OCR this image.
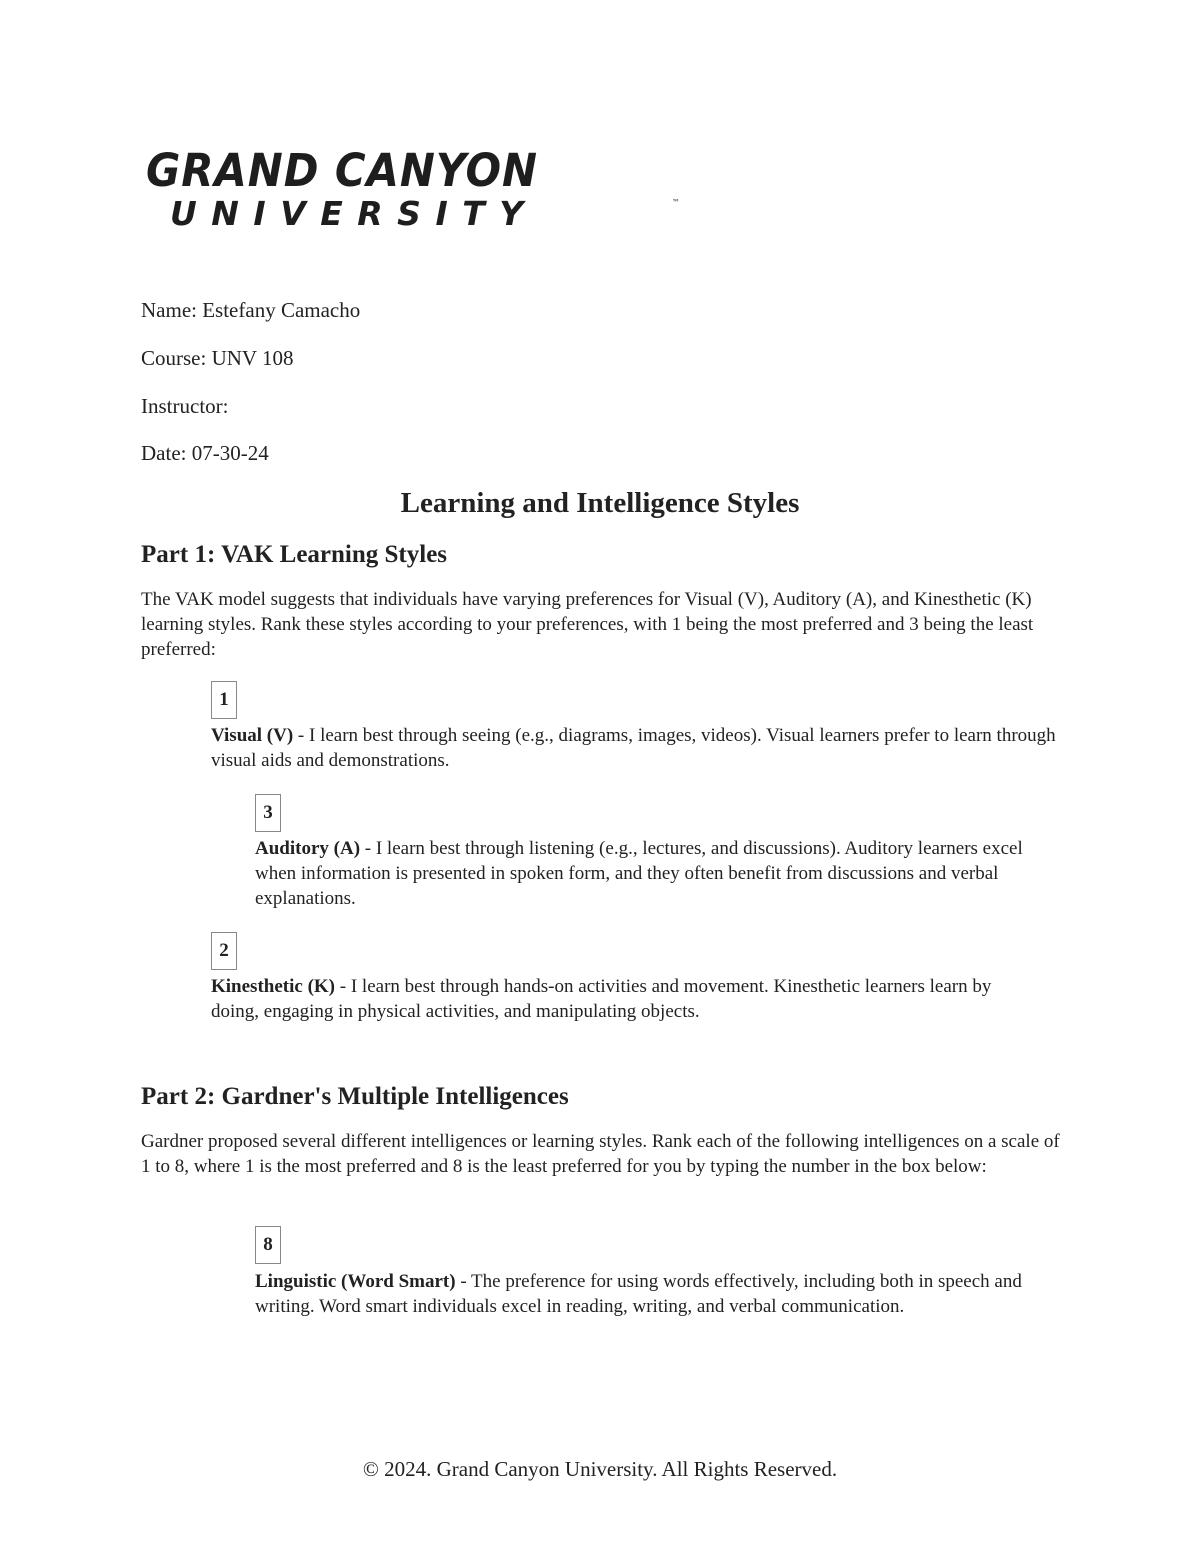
GRAND CANYON
UNIVERSITY	™
Name: Estefany Camacho
Course: UNV 108
Instructor:
Date: 07-30-24
Learning and Intelligence Styles
Part 1: VAK Learning Styles
The VAK model suggests that individuals have varying preferences for Visual (V), Auditory (A), and Kinesthetic (K) learning styles. Rank these styles according to your preferences, with 1 being the most preferred and 3 being the least preferred:
1
Visual (V) - I learn best through seeing (e.g., diagrams, images, videos). Visual learners prefer to learn through visual aids and demonstrations.
3
Auditory (A) - I learn best through listening (e.g., lectures, and discussions). Auditory learners excel when information is presented in spoken form, and they often benefit from discussions and verbal explanations.
2
Kinesthetic (K) - I learn best through hands-on activities and movement. Kinesthetic learners learn by doing, engaging in physical activities, and manipulating objects.
Part 2: Gardner's Multiple Intelligences
Gardner proposed several different intelligences or learning styles. Rank each of the following intelligences on a scale of 1 to 8, where 1 is the most preferred and 8 is the least preferred for you by typing the number in the box below:
8
Linguistic (Word Smart) - The preference for using words effectively, including both in speech and writing. Word smart individuals excel in reading, writing, and verbal communication.
© 2024. Grand Canyon University. All Rights Reserved.
